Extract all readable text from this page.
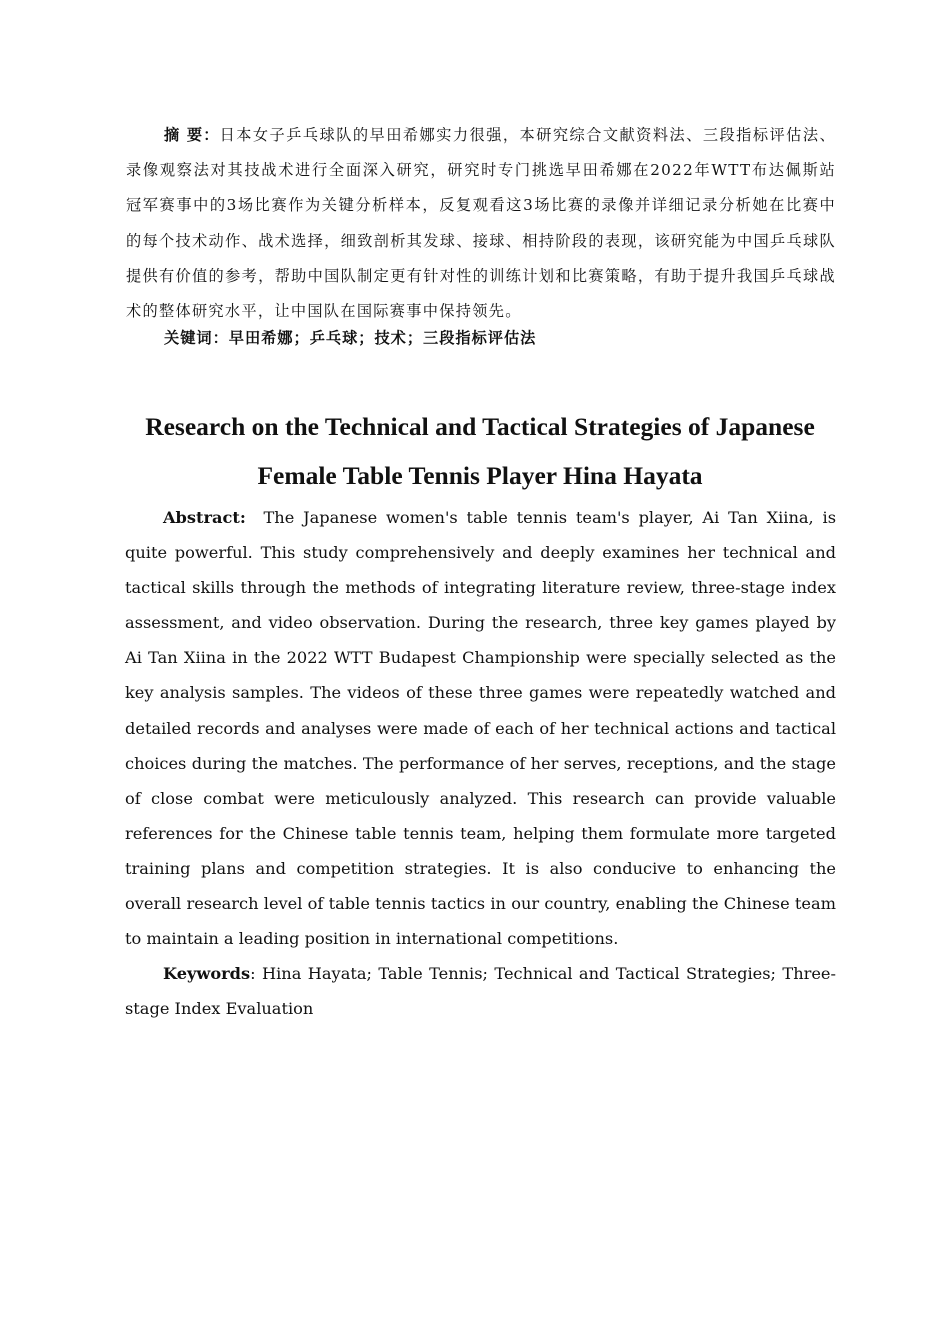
摘 要：日本女子乒乓球队的早田希娜实力很强，本研究综合文献资料法、三段指标评估法、录像观察法对其技战术进行全面深入研究，研究时专门挑选早田希娜在2022年WTT布达佩斯站冠军赛事中的3场比赛作为关键分析样本，反复观看这3场比赛的录像并详细记录分析她在比赛中的每个技术动作、战术选择，细致剖析其发球、接球、相持阶段的表现，该研究能为中国乒乓球队提供有价值的参考，帮助中国队制定更有针对性的训练计划和比赛策略，有助于提升我国乒乓球战术的整体研究水平，让中国队在国际赛事中保持领先。

关键词：早田希娜；乒乓球；技术；三段指标评估法

Research on the Technical and Tactical Strategies of Japanese
Female Table Tennis Player Hina Hayata

Abstract: The Japanese women's table tennis team's player, Ai Tan Xiina, is quite powerful. This study comprehensively and deeply examines her technical and tactical skills through the methods of integrating literature review, three-stage index assessment, and video observation. During the research, three key games played by Ai Tan Xiina in the 2022 WTT Budapest Championship were specially selected as the key analysis samples. The videos of these three games were repeatedly watched and detailed records and analyses were made of each of her technical actions and tactical choices during the matches. The performance of her serves, receptions, and the stage of close combat were meticulously analyzed. This research can provide valuable references for the Chinese table tennis team, helping them formulate more targeted training plans and competition strategies. It is also conducive to enhancing the overall research level of table tennis tactics in our country, enabling the Chinese team to maintain a leading position in international competitions.

Keywords: Hina Hayata; Table Tennis; Technical and Tactical Strategies; Three-stage Index Evaluation
